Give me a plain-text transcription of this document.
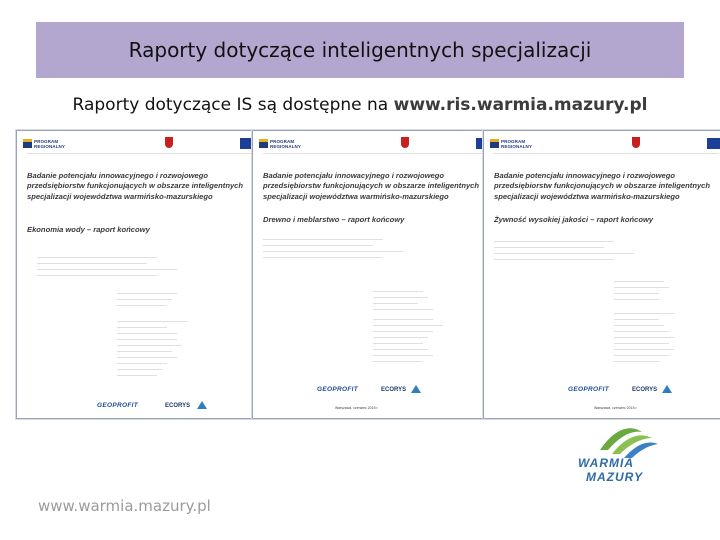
Raporty dotyczące inteligentnych specjalizacji
Raporty dotyczące IS są dostępne na www.ris.warmia.mazury.pl
PROGRAM REGIONALNY
Badanie potencjału innowacyjnego i rozwojowego przedsiębiorstw funkcjonujących w obszarze inteligentnych specjalizacji województwa warmińsko-mazurskiego
Ekonomia wody – raport końcowy
GEOPROFIT	ECORYS
PROGRAM REGIONALNY
Badanie potencjału innowacyjnego i rozwojowego przedsiębiorstw funkcjonujących w obszarze inteligentnych specjalizacji województwa warmińsko-mazurskiego
Drewno i meblarstwo – raport końcowy
GEOPROFIT	ECORYS
Warszawa, czerwiec 2015 r.
PROGRAM REGIONALNY
Badanie potencjału innowacyjnego i rozwojowego przedsiębiorstw funkcjonujących w obszarze inteligentnych specjalizacji województwa warmińsko-mazurskiego
Żywność wysokiej jakości – raport końcowy
GEOPROFIT	ECORYS
Warszawa, czerwiec 2015 r.
www.warmia.mazury.pl
WARMIA
MAZURY
